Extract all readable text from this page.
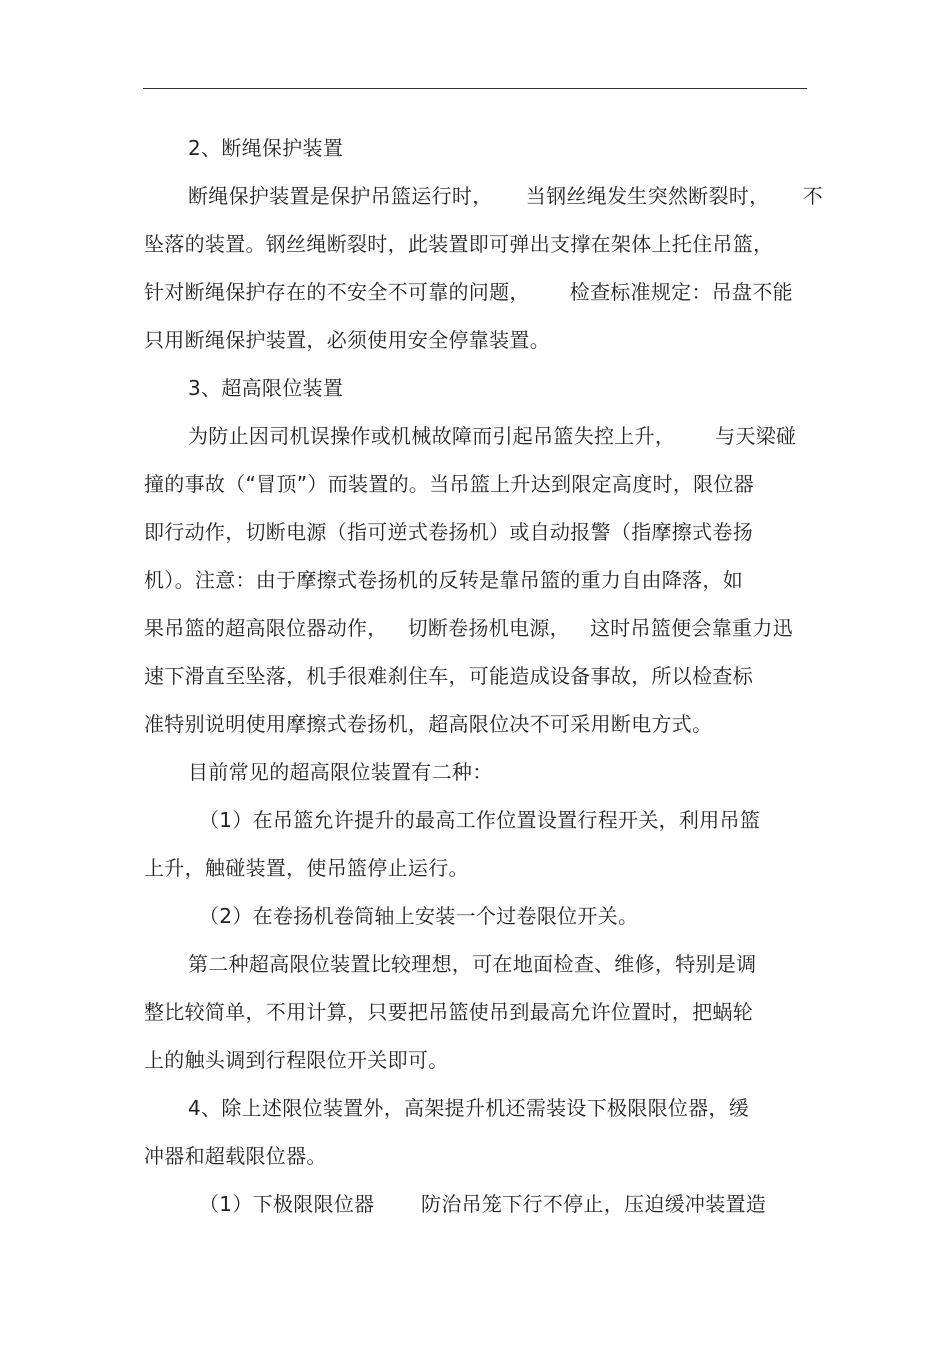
2、断绳保护装置
断绳保护装置是保护吊篮运行时，     当钢丝绳发生突然断裂时，     不
坠落的装置。钢丝绳断裂时，此装置即可弹出支撑在架体上托住吊篮，
针对断绳保护存在的不安全不可靠的问题，      检查标准规定：吊盘不能
只用断绳保护装置，必须使用安全停靠装置。
3、超高限位装置
为防止因司机误操作或机械故障而引起吊篮失控上升，      与天梁碰
撞的事故（“冒顶”）而装置的。当吊篮上升达到限定高度时，限位器
即行动作，切断电源（指可逆式卷扬机）或自动报警（指摩擦式卷扬
机）。注意：由于摩擦式卷扬机的反转是靠吊篮的重力自由降落，如
果吊篮的超高限位器动作，   切断卷扬机电源，   这时吊篮便会靠重力迅
速下滑直至坠落，机手很难刹住车，可能造成设备事故，所以检查标
准特别说明使用摩擦式卷扬机，超高限位决不可采用断电方式。
目前常见的超高限位装置有二种：
（1）在吊篮允许提升的最高工作位置设置行程开关，利用吊篮
上升，触碰装置，使吊篮停止运行。
（2）在卷扬机卷筒轴上安装一个过卷限位开关。
第二种超高限位装置比较理想，可在地面检查、维修，特别是调
整比较简单，不用计算，只要把吊篮使吊到最高允许位置时，把蜗轮
上的触头调到行程限位开关即可。
4、除上述限位装置外，高架提升机还需装设下极限限位器，缓
冲器和超载限位器。
（1）下极限限位器       防治吊笼下行不停止，压迫缓冲装置造
